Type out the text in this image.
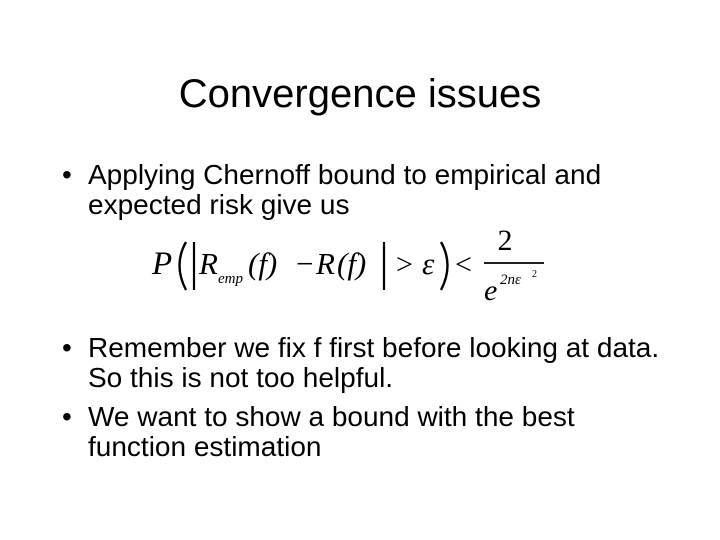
Convergence issues
• Applying Chernoff bound to empirical and expected risk give us
P R emp (f) − R (f) > ε <
2
e 2nε 2
• Remember we fix f first before looking at data. So this is not too helpful.
• We want to show a bound with the best function estimation
